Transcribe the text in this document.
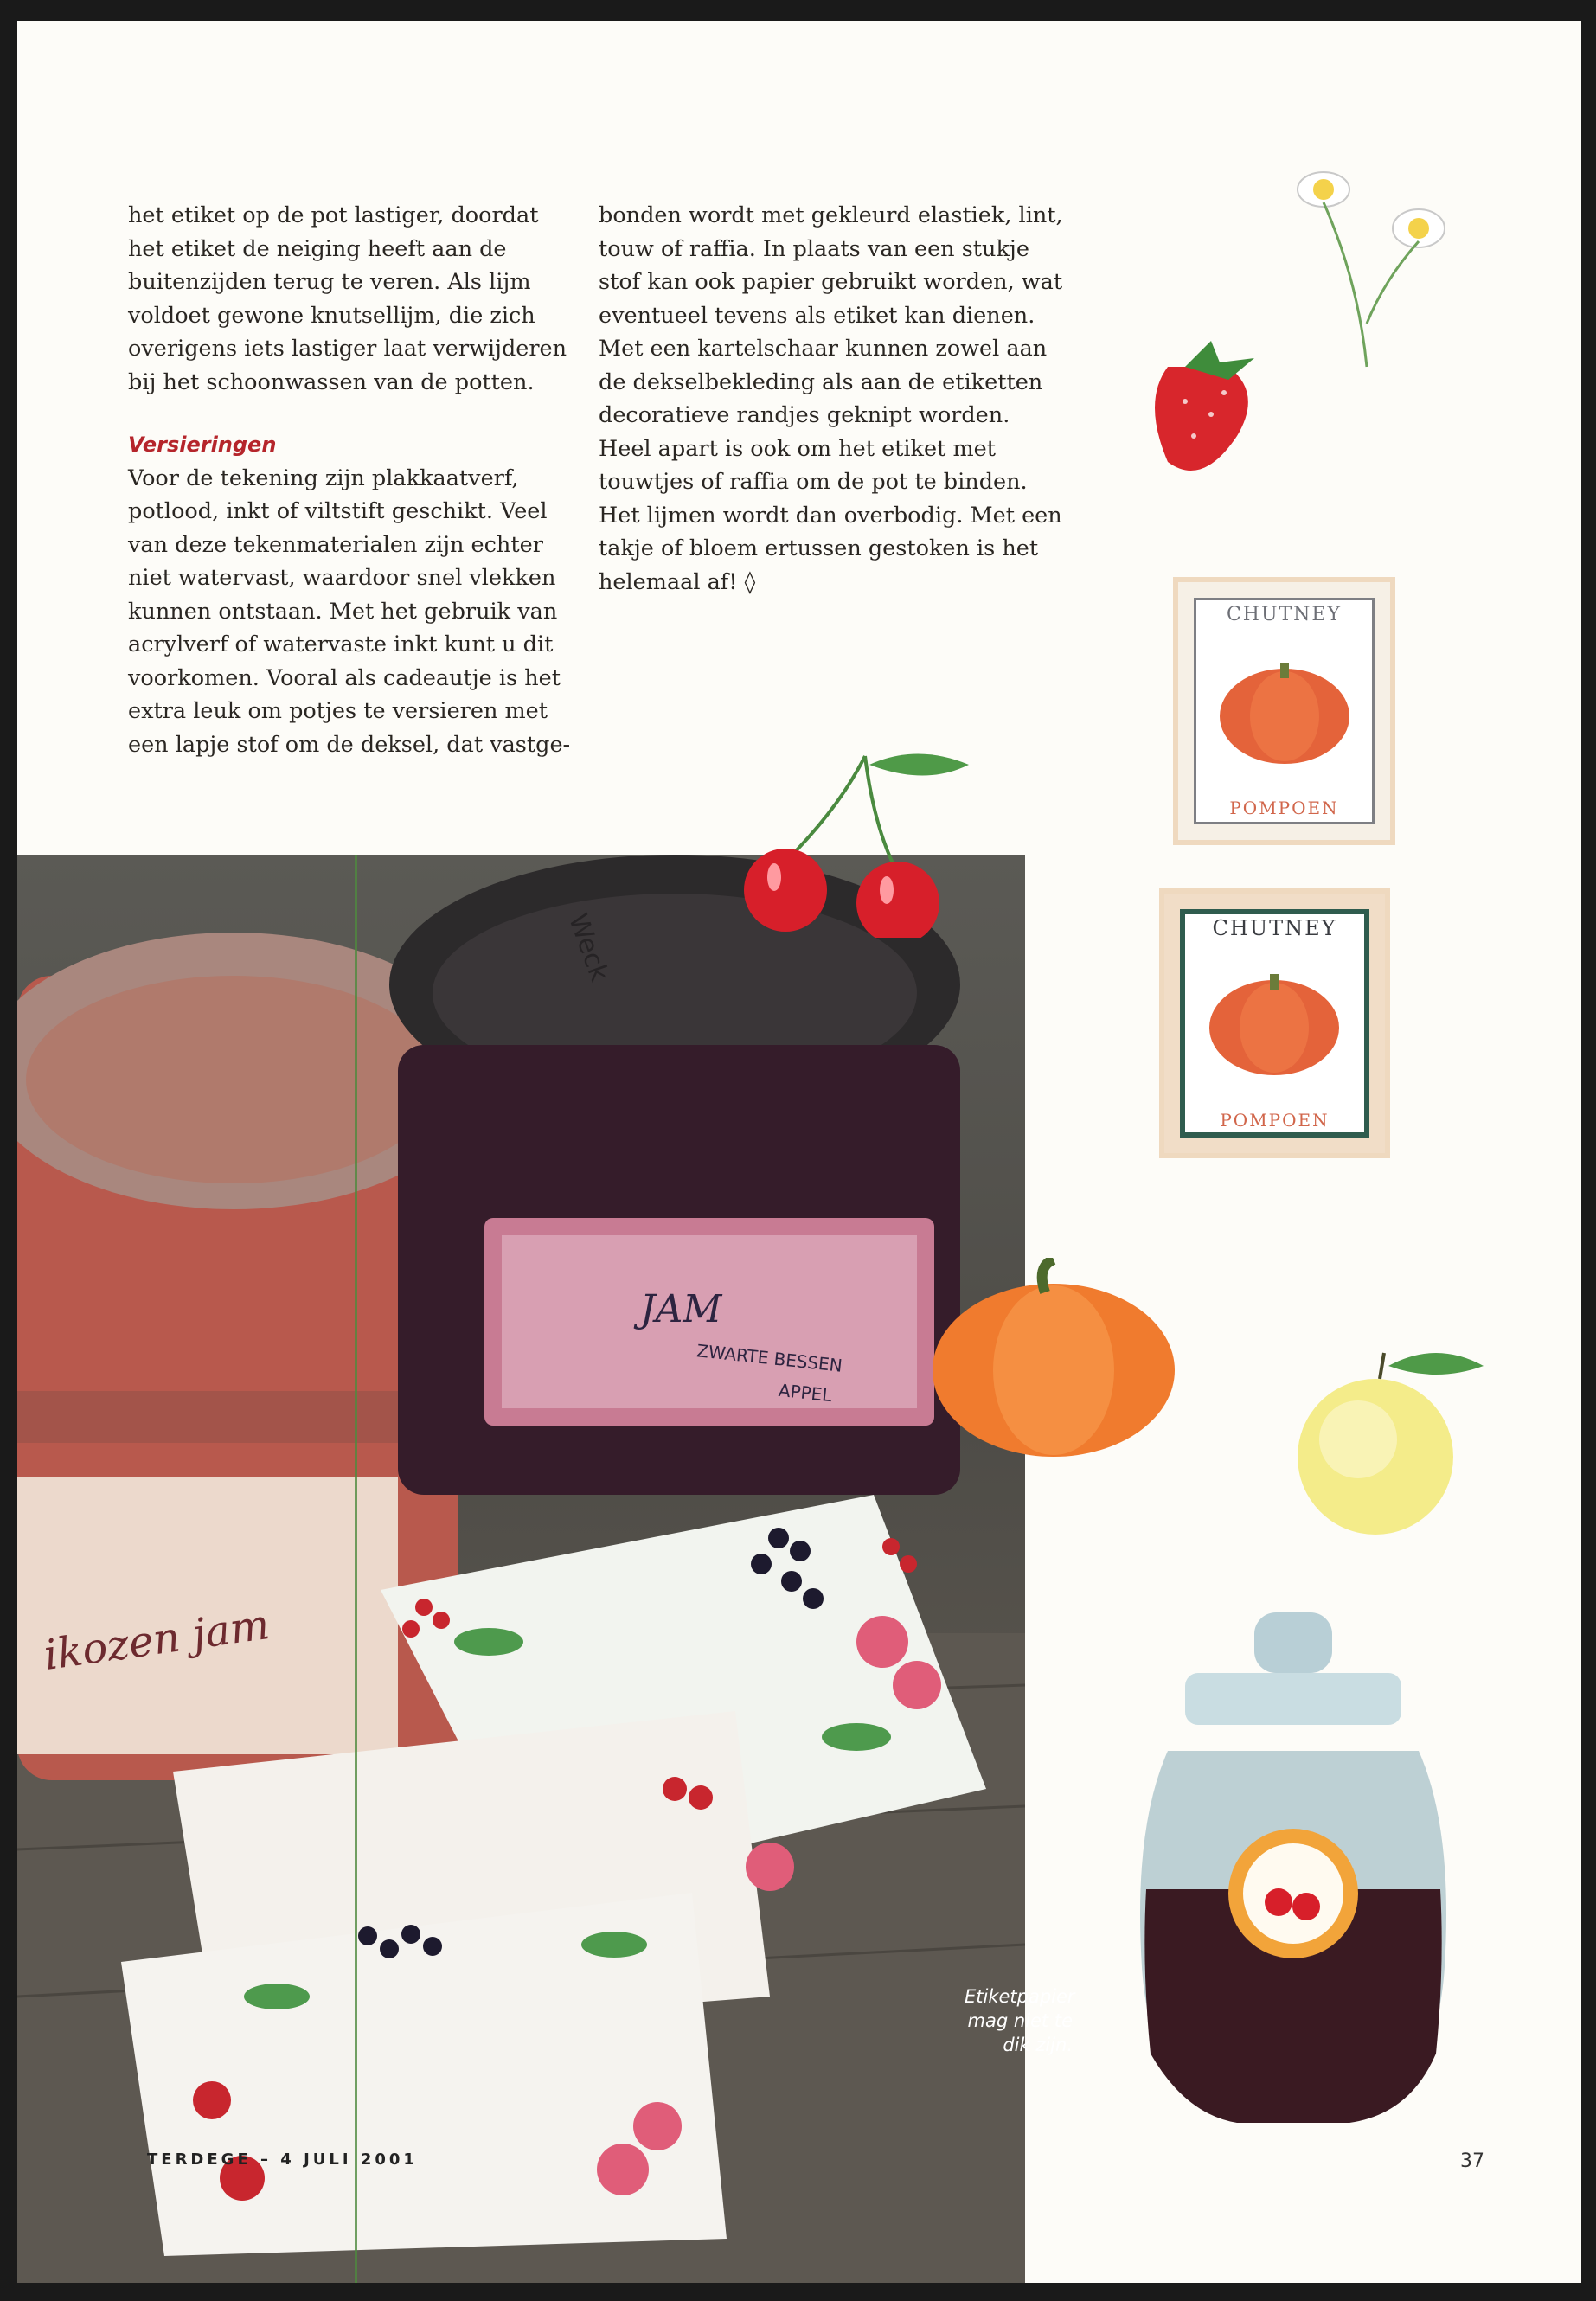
het etiket op de pot lastiger, doordat het etiket de neiging heeft aan de buitenzijden terug te veren. Als lijm voldoet gewone knutsellijm, die zich overigens iets lastiger laat verwijderen bij het schoonwassen van de potten.

Versieringen

Voor de tekening zijn plakkaatverf, potlood, inkt of viltstift geschikt. Veel van deze tekenmaterialen zijn echter niet watervast, waardoor snel vlekken kunnen ontstaan. Met het gebruik van acrylverf of watervaste inkt kunt u dit voorkomen. Vooral als cadeautje is het extra leuk om potjes te versieren met een lapje stof om de deksel, dat vastge-

bonden wordt met gekleurd elastiek, lint, touw of raffia. In plaats van een stukje stof kan ook papier gebruikt worden, wat eventueel tevens als etiket kan dienen.

Met een kartelschaar kunnen zowel aan de dekselbekleding als aan de etiketten decoratieve randjes geknipt worden.

Heel apart is ook om het etiket met touwtjes of raffia om de pot te binden. Het lijmen wordt dan overbodig. Met een takje of bloem ertussen gestoken is het helemaal af! ◊

Weck
JAM
ZWARTE BESSEN
APPEL
ikozen jam
Etiketpapier mag niet te dik zijn.
CHUTNEY
POMPOEN
CHUTNEY
POMPOEN
TERDEGE – 4 JULI 2001	37
